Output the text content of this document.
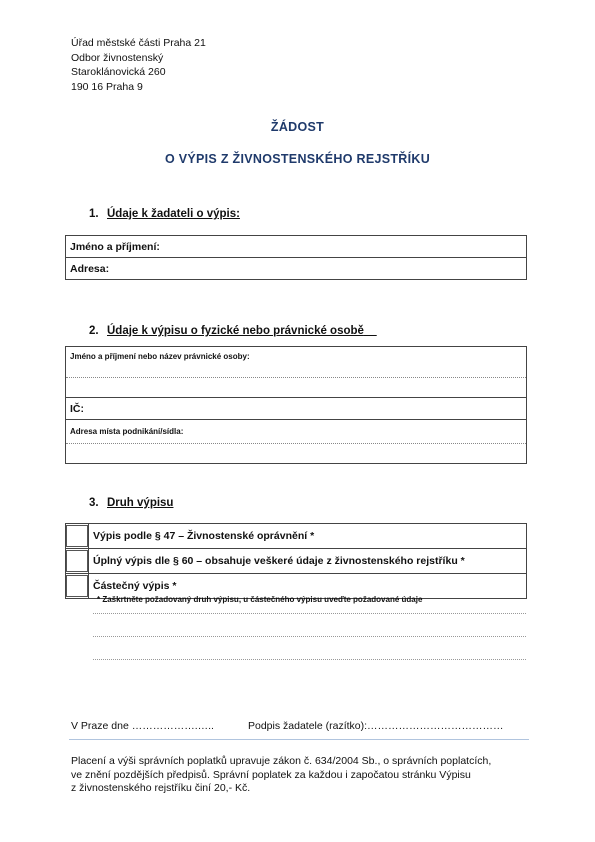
Úřad městské části Praha 21
Odbor živnostenský
Staroklánovická 260
190 16 Praha 9
ŽÁDOST
O VÝPIS Z ŽIVNOSTENSKÉHO REJSTŘÍKU
1. Údaje k žadateli o výpis:
Jméno a příjmení:
Adresa:
2. Údaje k výpisu o fyzické nebo právnické osobě
Jméno a příjmení nebo název právnické osoby:

IČ:
Adresa místa podnikání/sídla:

3. Druh výpisu
	Výpis podle § 47 – Živnostenské oprávnění *

	Úplný výpis dle § 60 – obsahuje veškeré údaje z živnostenského rejstříku *

	Částečný výpis *
* Zaškrtněte požadovaný druh výpisu, u částečného výpisu uveďte požadované údaje
V Praze dne ……………….…..	Podpis žadatele (razítko):…………………………………
Placení a výši správních poplatků upravuje zákon č. 634/2004 Sb., o správních poplatcích,
ve znění pozdějších předpisů. Správní poplatek za každou i započatou stránku Výpisu
z živnostenského rejstříku činí 20,- Kč.
